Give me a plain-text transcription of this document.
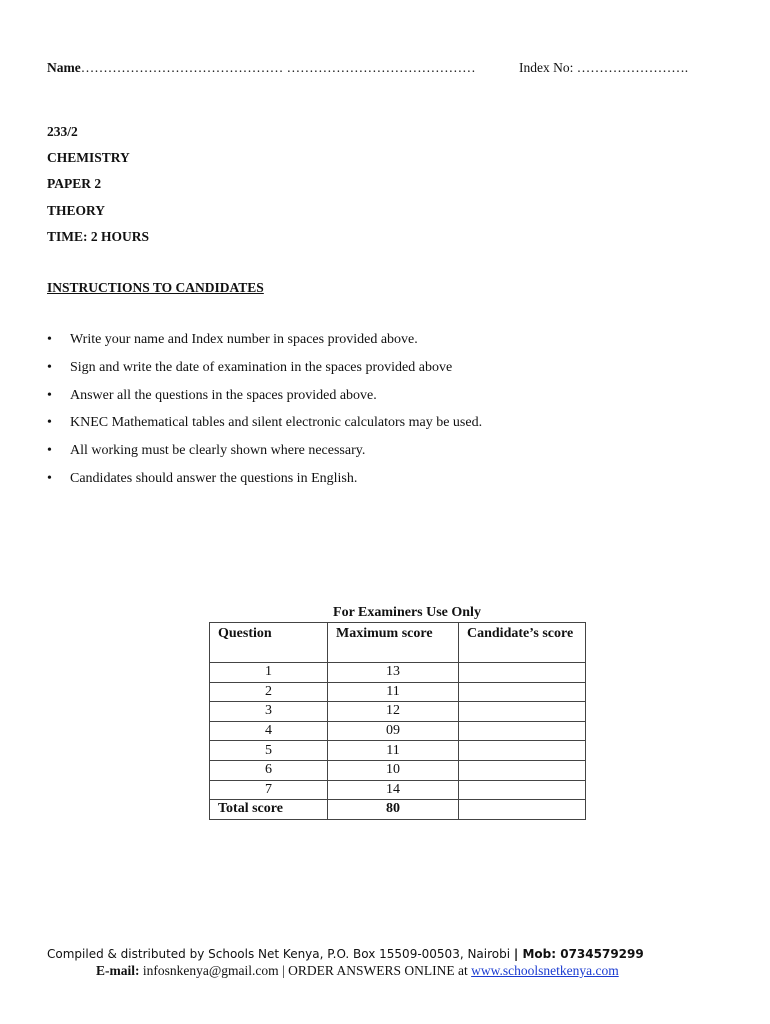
Name……………………………………… ……………………………………	Index No: …………………….
233/2
CHEMISTRY
PAPER 2
THEORY
TIME: 2 HOURS
INSTRUCTIONS TO CANDIDATES
• Write your name and Index number in spaces provided above.
• Sign and write the date of examination in the spaces provided above
• Answer all the questions in the spaces provided above.
• KNEC Mathematical tables and silent electronic calculators may be used.
• All working must be clearly shown where necessary.
• Candidates should answer the questions in English.
For Examiners Use Only
Question	Maximum score	Candidate’s score
1	13	
2	11	
3	12	
4	09	
5	11	
6	10	
7	14	
Total score	80	
Compiled & distributed by Schools Net Kenya, P.O. Box 15509-00503, Nairobi | Mob: 0734579299
E-mail: infosnkenya@gmail.com | ORDER ANSWERS ONLINE at www.schoolsnetkenya.com
